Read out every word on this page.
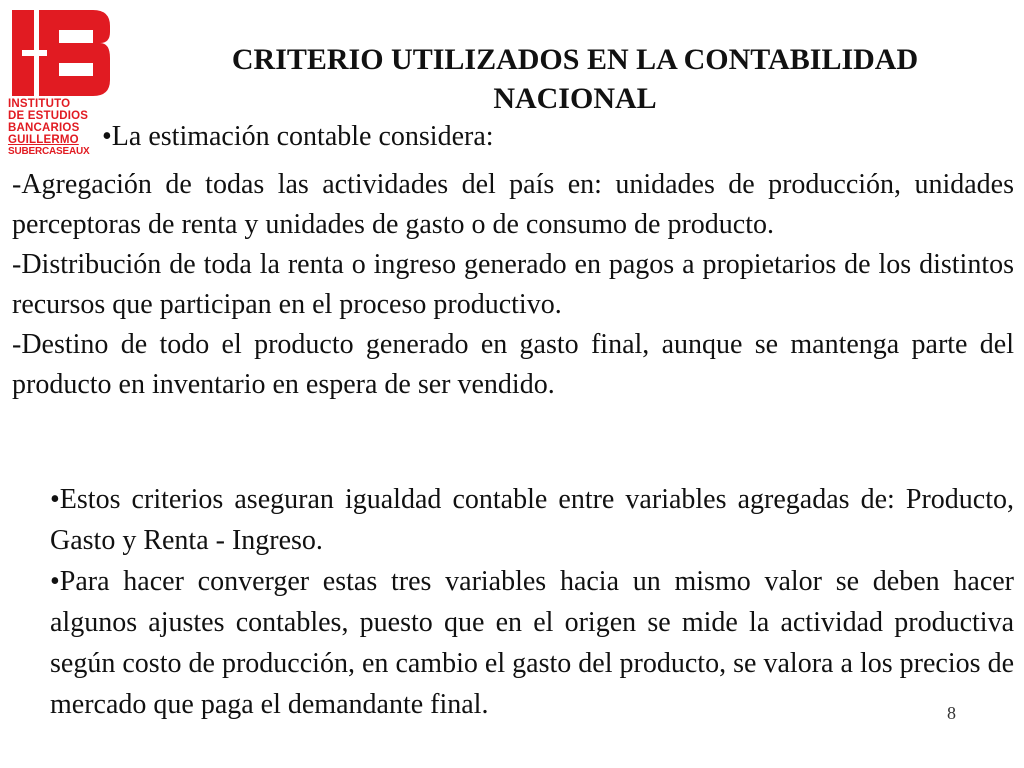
INSTITUTO
DE ESTUDIOS
BANCARIOS
GUILLERMO
SUBERCASEAUX
CRITERIO UTILIZADOS EN LA CONTABILIDAD NACIONAL
•La estimación contable considera:

-Agregación de todas las actividades del país en: unidades de producción, unidades perceptoras de renta y unidades de gasto o de consumo de producto.

-Distribución de toda la renta o ingreso generado en pagos a propietarios de los distintos recursos que participan en el proceso productivo.

-Destino de todo el producto generado en gasto final, aunque se mantenga parte del producto en inventario en espera de ser vendido.

•Estos criterios aseguran igualdad contable entre variables agregadas de: Producto, Gasto y Renta - Ingreso.

•Para hacer converger estas tres variables hacia un mismo valor se deben hacer algunos ajustes contables, puesto que en el origen se mide la actividad productiva según costo de producción, en cambio el gasto del producto, se valora a los precios de mercado que paga el demandante final.	8
